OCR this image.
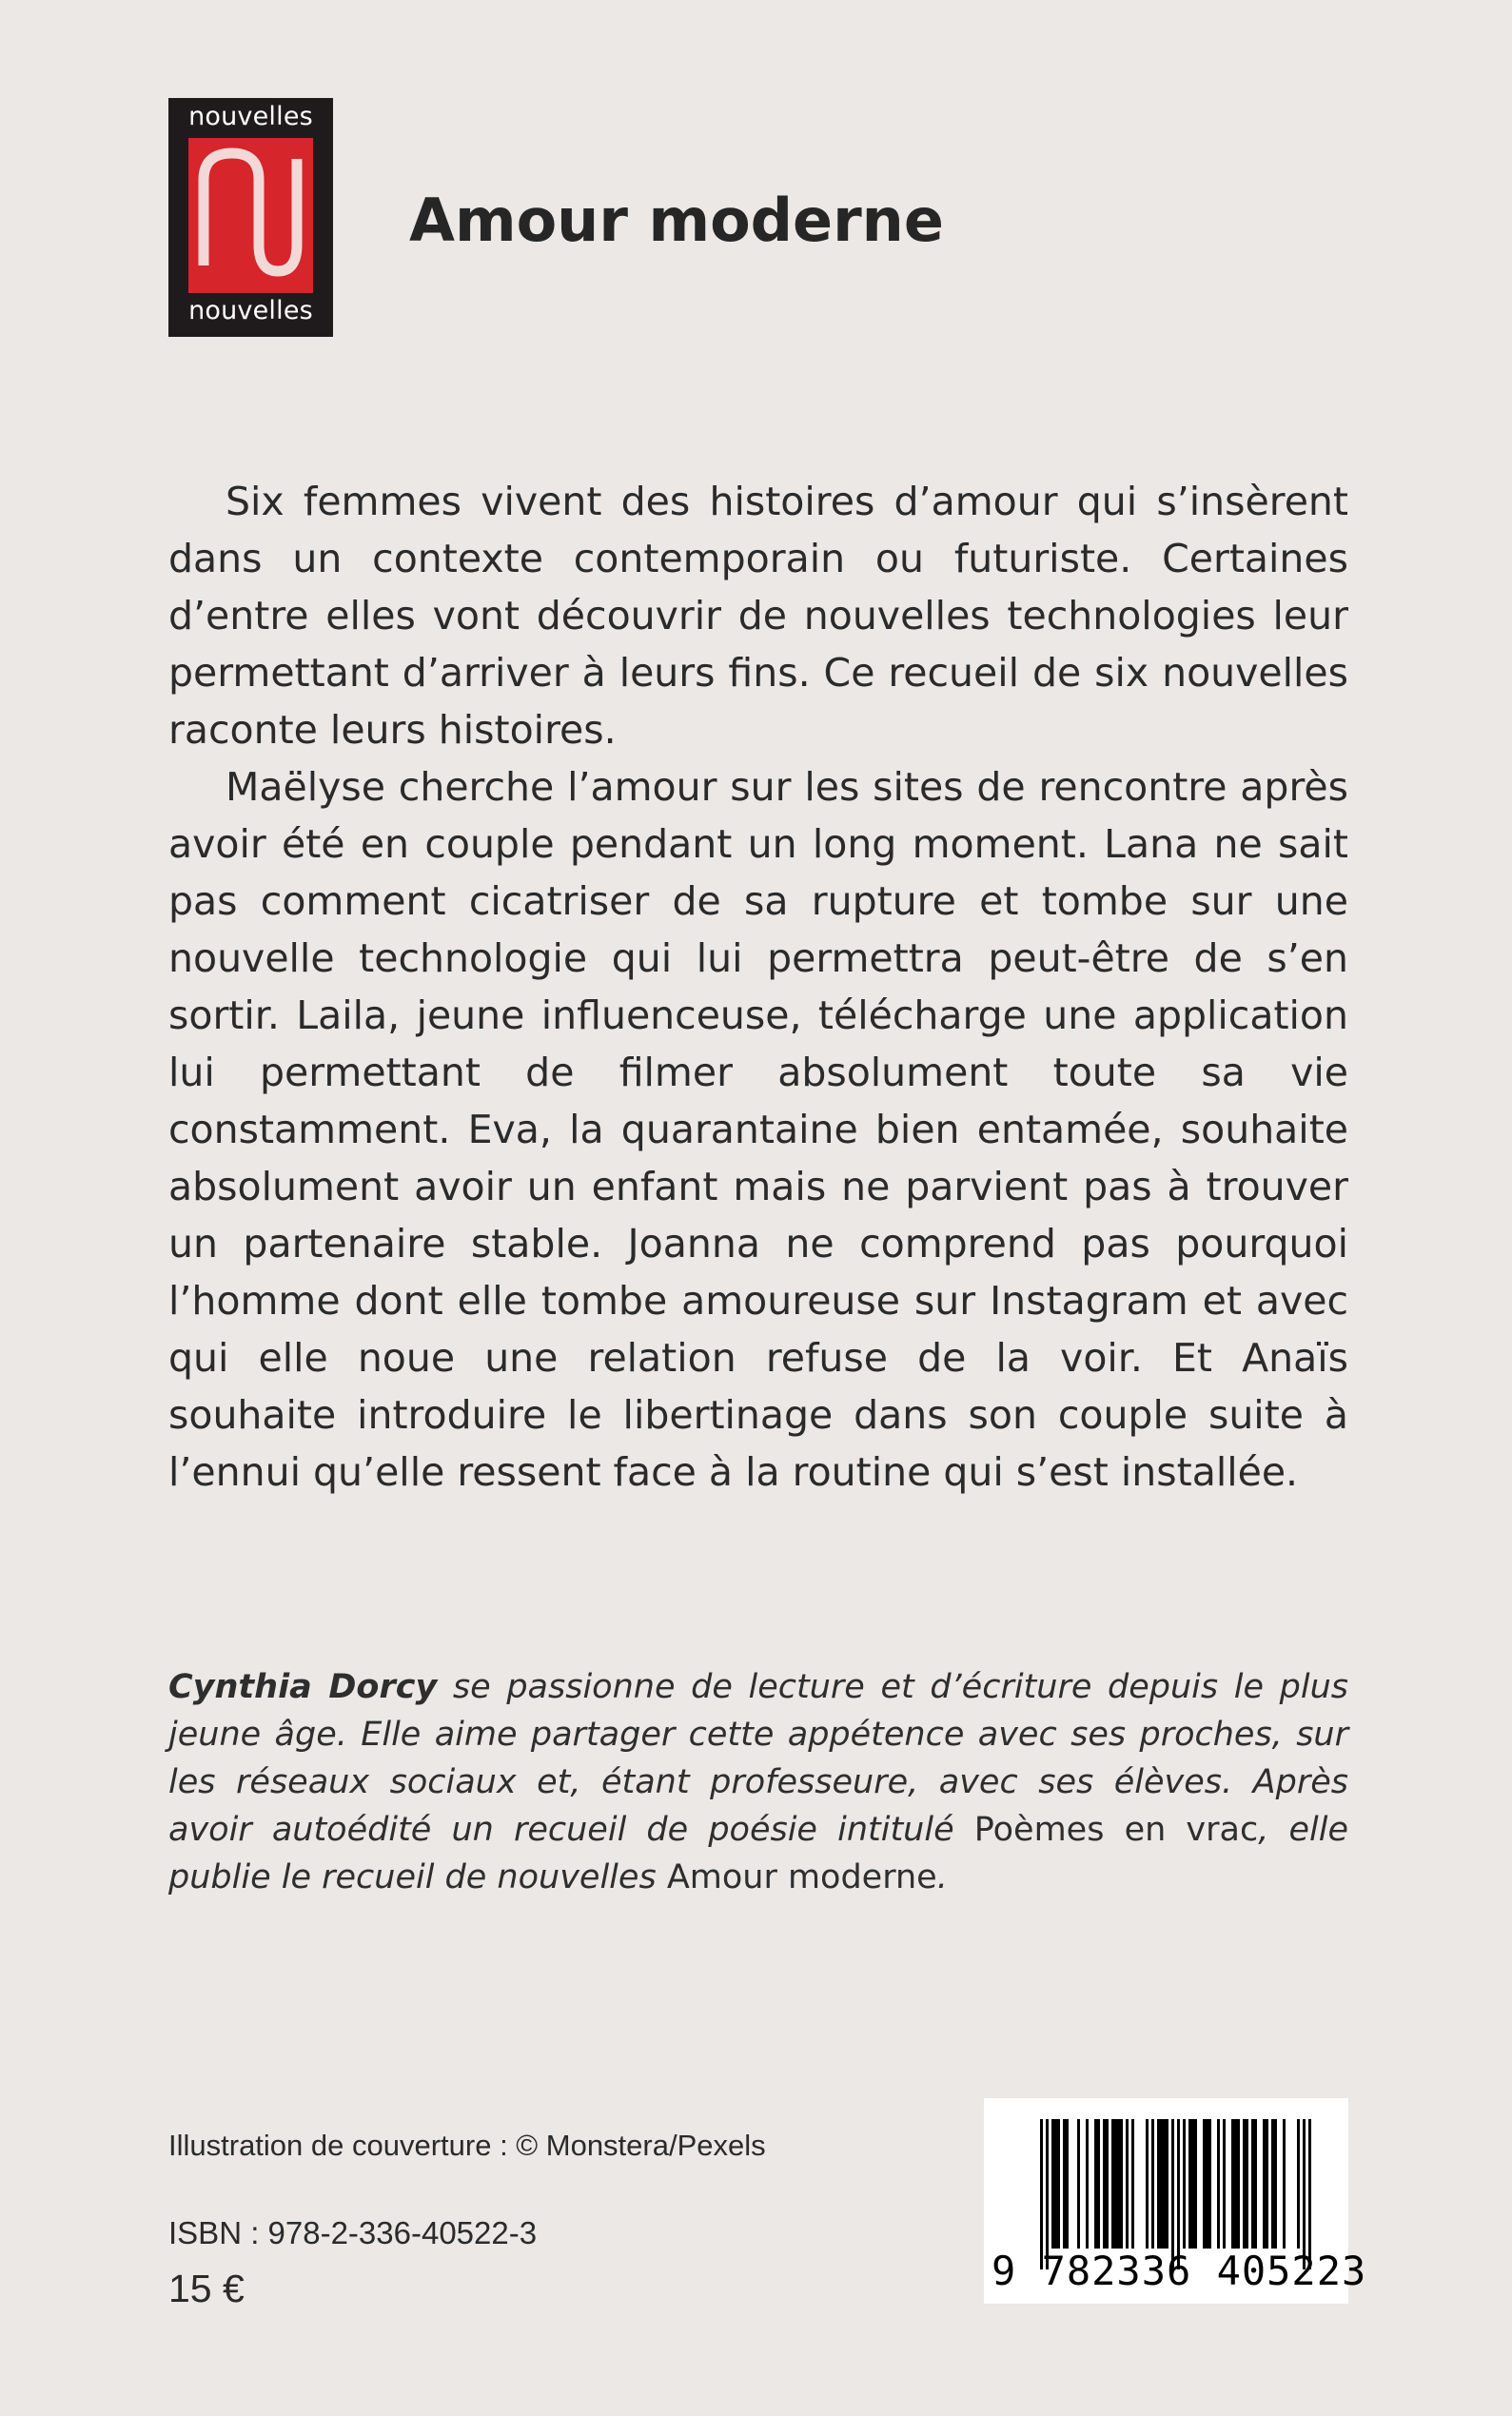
nouvelles
nouvelles
Amour moderne

Six femmes vivent des histoires d’amour qui s’insèrent dans un contexte contemporain ou futuriste. Certaines d’entre elles vont découvrir de nouvelles technologies leur permettant d’arriver à leurs fins. Ce recueil de six nouvelles raconte leurs histoires.

Maëlyse cherche l’amour sur les sites de rencontre après avoir été en couple pendant un long moment. Lana ne sait pas comment cicatriser de sa rupture et tombe sur une nouvelle technologie qui lui permettra peut-être de s’en sortir. Laila, jeune influenceuse, télécharge une application lui permettant de filmer absolument toute sa vie constamment. Eva, la quarantaine bien entamée, souhaite absolument avoir un enfant mais ne parvient pas à trouver un partenaire stable. Joanna ne comprend pas pourquoi l’homme dont elle tombe amoureuse sur Instagram et avec qui elle noue une relation refuse de la voir. Et Anaïs souhaite introduire le libertinage dans son couple suite à l’ennui qu’elle ressent face à la routine qui s’est installée.

Cynthia Dorcy se passionne de lecture et d’écriture depuis le plus jeune âge. Elle aime partager cette appétence avec ses proches, sur les réseaux sociaux et, étant professeure, avec ses élèves. Après avoir autoédité un recueil de poésie intitulé Poèmes en vrac, elle publie le recueil de nouvelles Amour moderne.

Illustration de couverture : © Monstera/Pexels
ISBN : 978-2-336-40522-3
15 €	9 782336 405223
